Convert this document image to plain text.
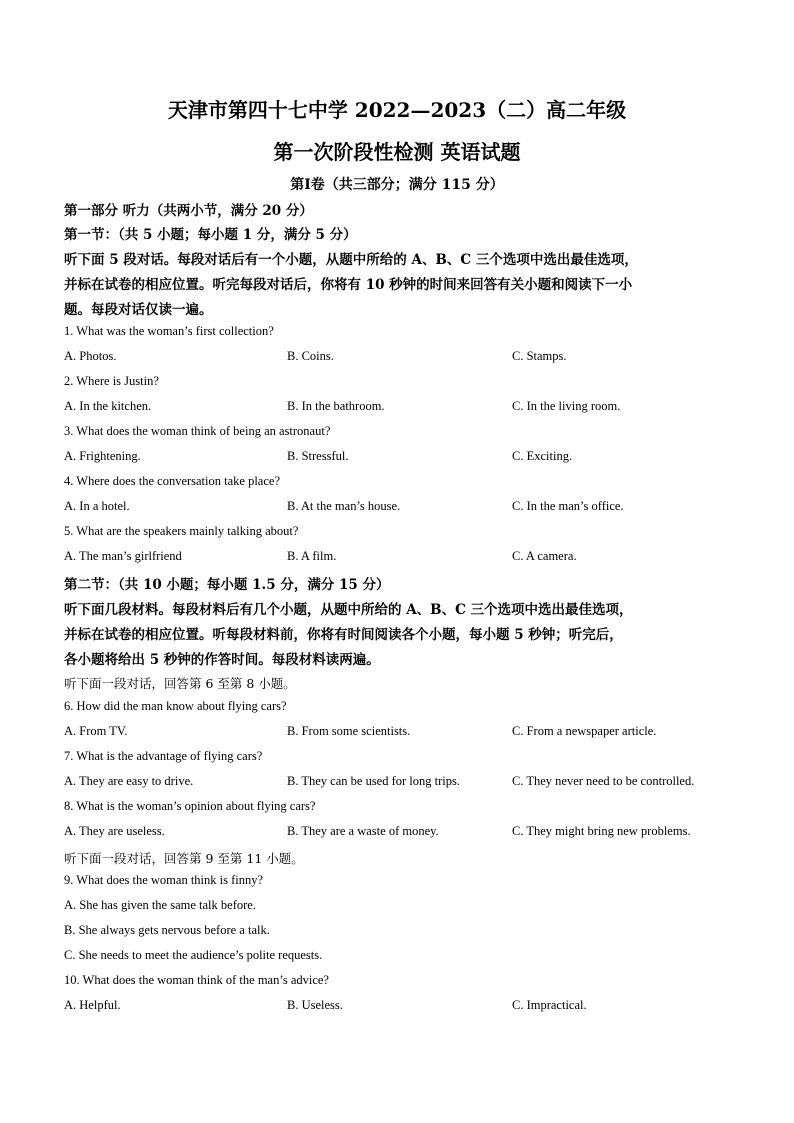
天津市第四十七中学 2022—2023（二）高二年级
第一次阶段性检测 英语试题
第Ⅰ卷（共三部分；满分 115 分）
第一部分 听力（共两小节，满分 20 分）
第一节：（共 5 小题；每小题 1 分，满分 5 分）
听下面 5 段对话。每段对话后有一个小题，从题中所给的 A、B、C 三个选项中选出最佳选项，
并标在试卷的相应位置。听完每段对话后，你将有 10 秒钟的时间来回答有关小题和阅读下一小
题。每段对话仅读一遍。
1. What was the woman’s first collection?
A. Photos.	B. Coins.	C. Stamps.
2. Where is Justin?
A. In the kitchen.	B. In the bathroom.	C. In the living room.
3. What does the woman think of being an astronaut?
A. Frightening.	B. Stressful.	C. Exciting.
4. Where does the conversation take place?
A. In a hotel.	B. At the man’s house.	C. In the man’s office.
5. What are the speakers mainly talking about?
A. The man’s girlfriend	B. A film.	C. A camera.
第二节：（共 10 小题；每小题 1.5 分，满分 15 分）
听下面几段材料。每段材料后有几个小题，从题中所给的 A、B、C 三个选项中选出最佳选项，
并标在试卷的相应位置。听每段材料前，你将有时间阅读各个小题，每小题 5 秒钟；听完后，
各小题将给出 5 秒钟的作答时间。每段材料读两遍。
听下面一段对话，回答第 6 至第 8 小题。
6. How did the man know about flying cars?
A. From TV.	B. From some scientists.	C. From a newspaper article.
7. What is the advantage of flying cars?
A. They are easy to drive.	B. They can be used for long trips.	C. They never need to be controlled.
8. What is the woman’s opinion about flying cars?
A. They are useless.	B. They are a waste of money.	C. They might bring new problems.
听下面一段对话，回答第 9 至第 11 小题。
9. What does the woman think is finny?
A. She has given the same talk before.
B. She always gets nervous before a talk.
C. She needs to meet the audience’s polite requests.
10. What does the woman think of the man’s advice?
A. Helpful.	B. Useless.	C. Impractical.
